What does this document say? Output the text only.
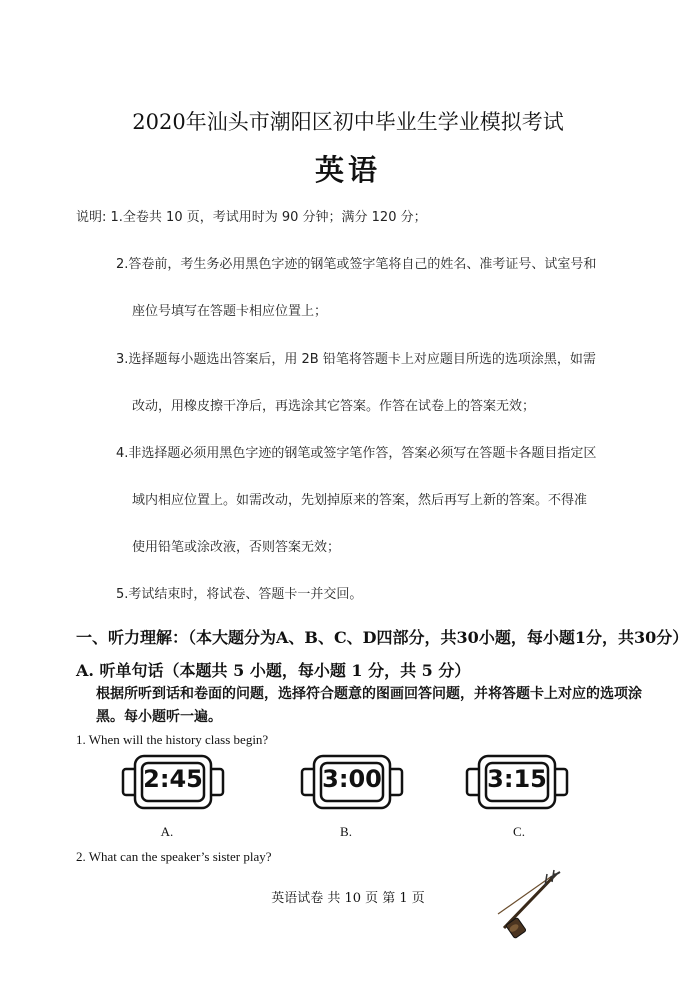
2020年汕头市潮阳区初中毕业生学业模拟考试
英语
说明: 1.全卷共 10 页，考试用时为 90 分钟；满分 120 分；
2.答卷前，考生务必用黑色字迹的钢笔或签字笔将自己的姓名、准考证号、试室号和
座位号填写在答题卡相应位置上；
3.选择题每小题选出答案后，用 2B 铅笔将答题卡上对应题目所选的选项涂黑，如需
改动，用橡皮擦干净后，再选涂其它答案。作答在试卷上的答案无效；
4.非选择题必须用黑色字迹的钢笔或签字笔作答，答案必须写在答题卡各题目指定区
域内相应位置上。如需改动，先划掉原来的答案，然后再写上新的答案。不得准
使用铅笔或涂改液，否则答案无效；
5.考试结束时，将试卷、答题卡一并交回。
一、听力理解：（本大题分为A、B、C、D四部分，共30小题，每小题1分，共30分）
A. 听单句话（本题共 5 小题，每小题 1 分，共 5 分）
根据所听到话和卷面的问题，选择符合题意的图画回答问题，并将答题卡上对应的选项涂
黑。每小题听一遍。
1. When will the history class begin?
2:45
A.
3:00
B.
3:15
C.
2. What can the speaker’s sister play?
英语试卷 共 10 页 第 1 页
